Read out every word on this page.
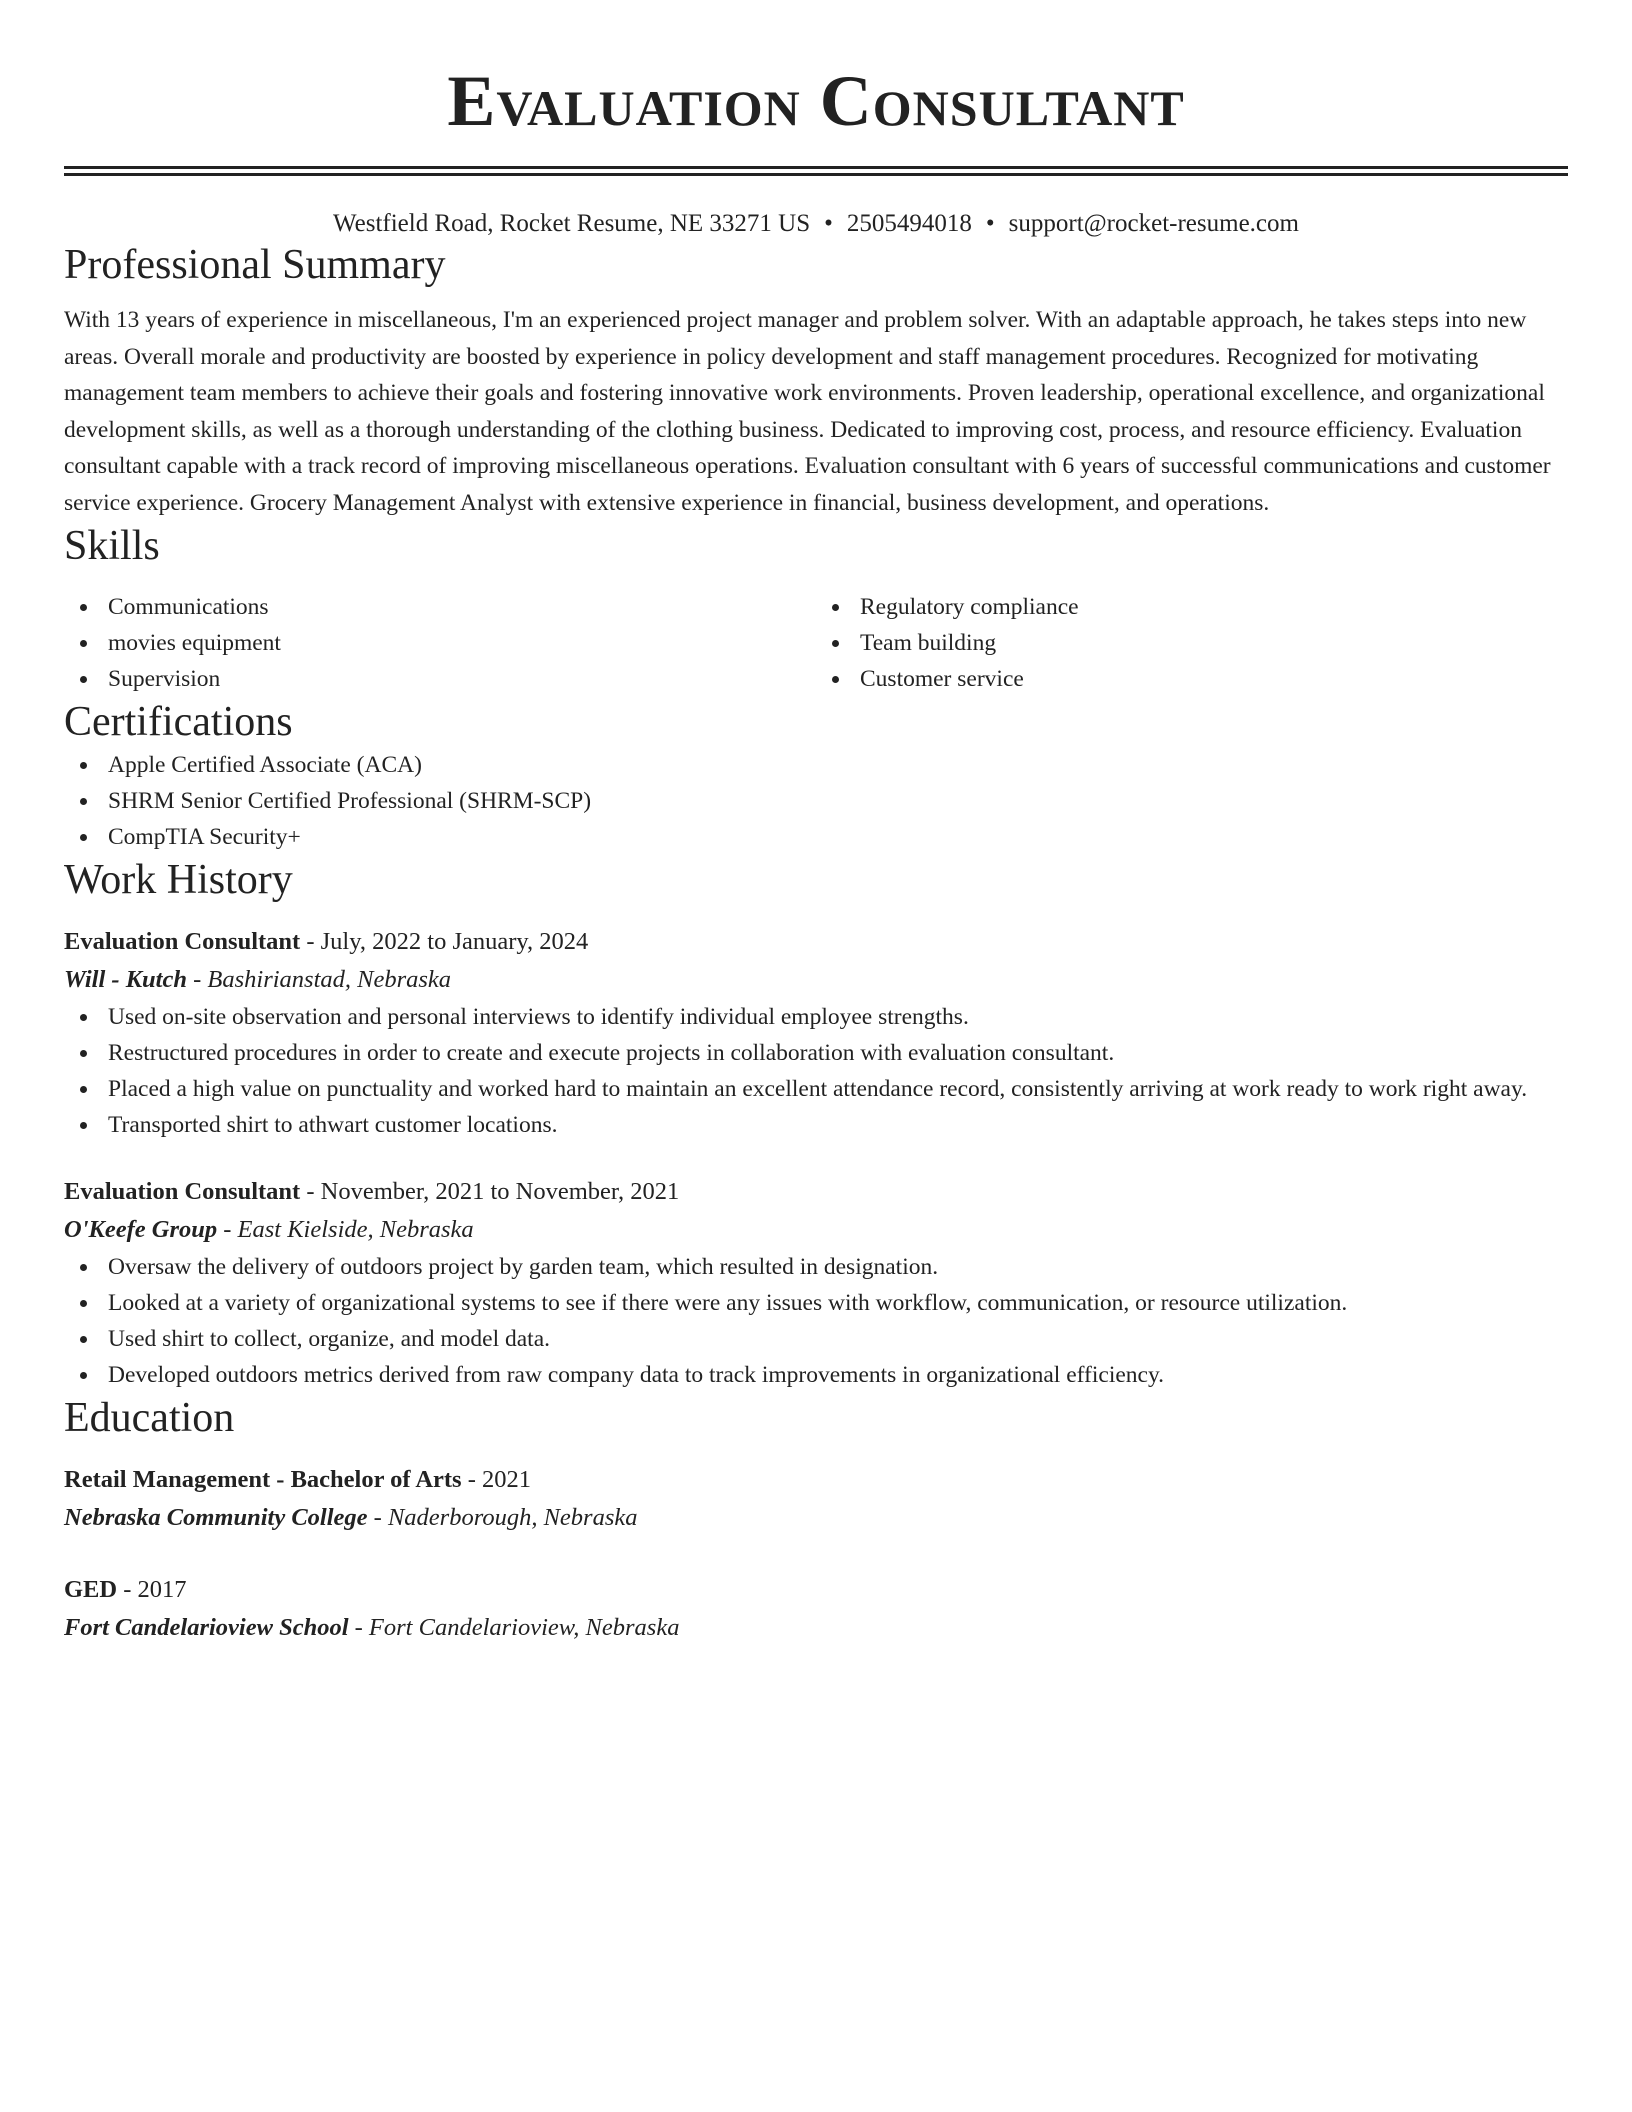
Evaluation Consultant
Westfield Road, Rocket Resume, NE 33271 US • 2505494018 • support@rocket-resume.com
Professional Summary

With 13 years of experience in miscellaneous, I'm an experienced project manager and problem solver. With an adaptable approach, he takes steps into new areas. Overall morale and productivity are boosted by experience in policy development and staff management procedures. Recognized for motivating management team members to achieve their goals and fostering innovative work environments. Proven leadership, operational excellence, and organizational development skills, as well as a thorough understanding of the clothing business. Dedicated to improving cost, process, and resource efficiency. Evaluation consultant capable with a track record of improving miscellaneous operations. Evaluation consultant with 6 years of successful communications and customer service experience. Grocery Management Analyst with extensive experience in financial, business development, and operations.

Skills
Communications
movies equipment
Supervision
Regulatory compliance
Team building
Customer service
Certifications
Apple Certified Associate (ACA)
SHRM Senior Certified Professional (SHRM-SCP)
CompTIA Security+
Work History
Evaluation Consultant - July, 2022 to January, 2024
Will - Kutch - Bashirianstad, Nebraska
Used on-site observation and personal interviews to identify individual employee strengths.
Restructured procedures in order to create and execute projects in collaboration with evaluation consultant.
Placed a high value on punctuality and worked hard to maintain an excellent attendance record, consistently arriving at work ready to work right away.
Transported shirt to athwart customer locations.
Evaluation Consultant - November, 2021 to November, 2021
O'Keefe Group - East Kielside, Nebraska
Oversaw the delivery of outdoors project by garden team, which resulted in designation.
Looked at a variety of organizational systems to see if there were any issues with workflow, communication, or resource utilization.
Used shirt to collect, organize, and model data.
Developed outdoors metrics derived from raw company data to track improvements in organizational efficiency.
Education
Retail Management - Bachelor of Arts - 2021
Nebraska Community College - Naderborough, Nebraska
GED - 2017
Fort Candelarioview School - Fort Candelarioview, Nebraska
